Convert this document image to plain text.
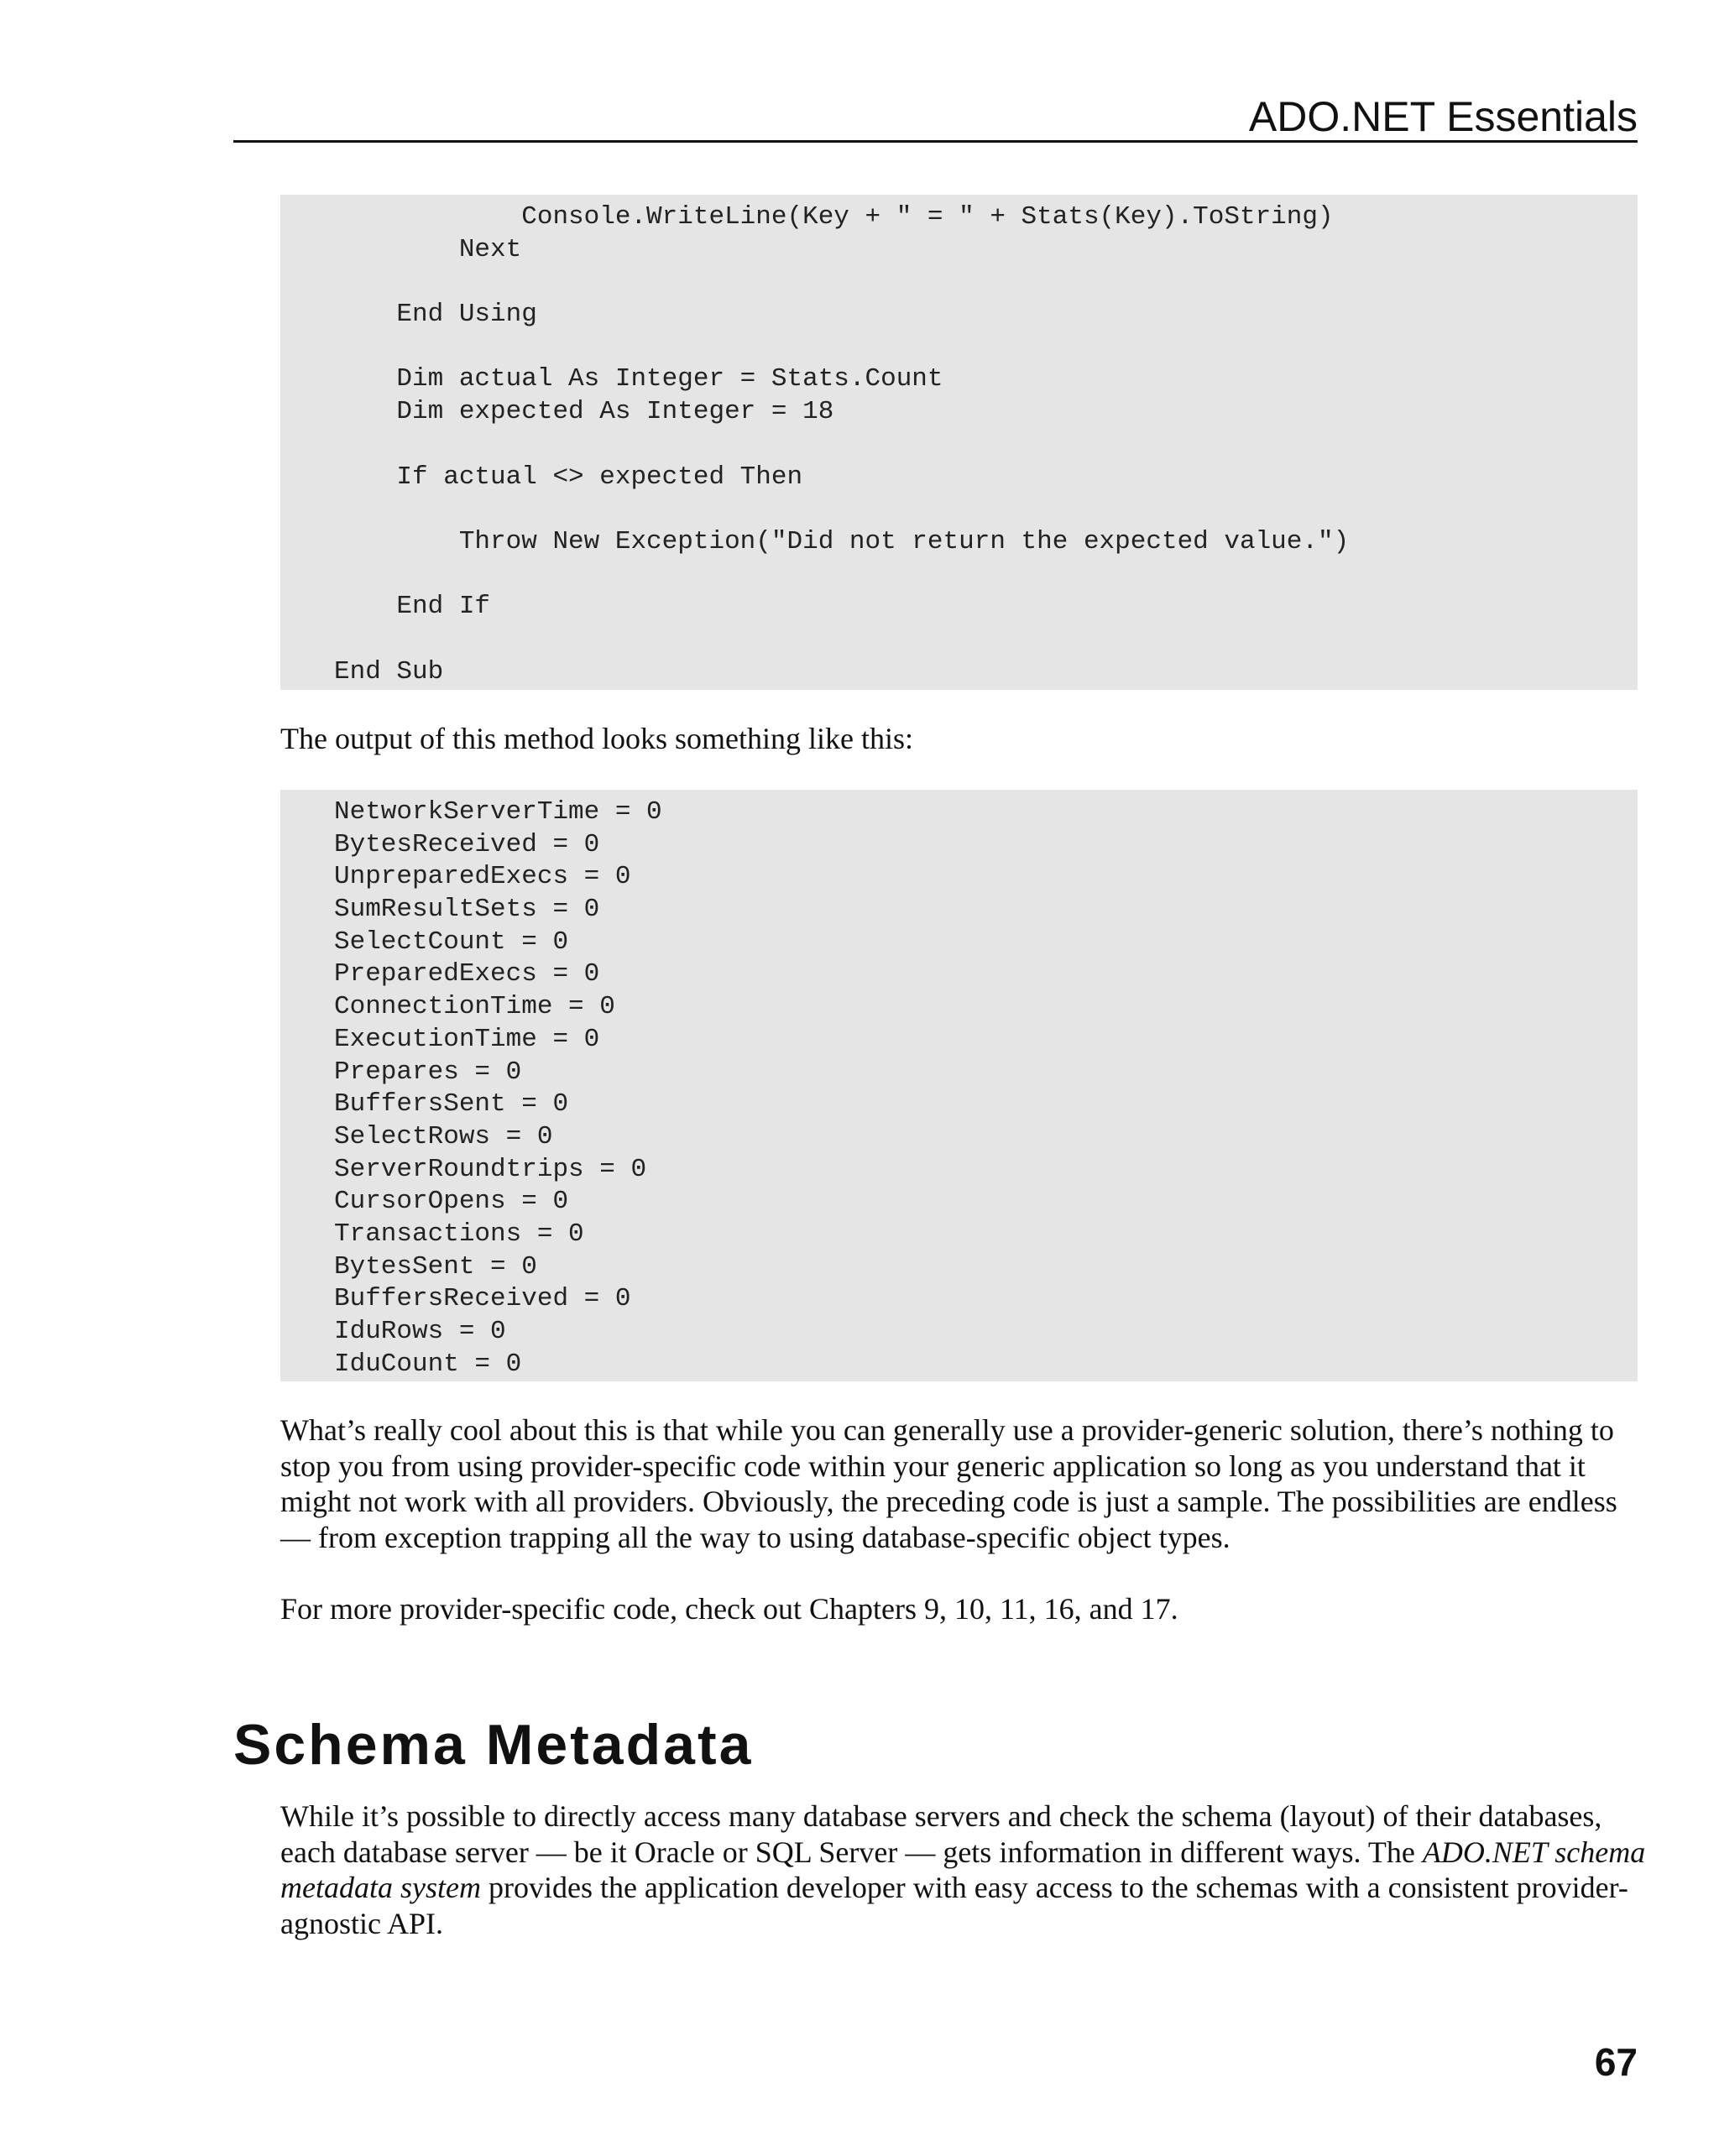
ADO.NET Essentials
Console.WriteLine(Key + " = " + Stats(Key).ToString)
Next
End Using
Dim actual As Integer = Stats.Count
Dim expected As Integer = 18
If actual <> expected Then
Throw New Exception("Did not return the expected value.")
End If
End Sub
The output of this method looks something like this:
NetworkServerTime = 0
BytesReceived = 0
UnpreparedExecs = 0
SumResultSets = 0
SelectCount = 0
PreparedExecs = 0
ConnectionTime = 0
ExecutionTime = 0
Prepares = 0
BuffersSent = 0
SelectRows = 0
ServerRoundtrips = 0
CursorOpens = 0
Transactions = 0
BytesSent = 0
BuffersReceived = 0
IduRows = 0
IduCount = 0
What’s really cool about this is that while you can generally use a provider-generic solution, there’s nothing to stop you from using provider-specific code within your generic application so long as you understand that it might not work with all providers. Obviously, the preceding code is just a sample. The possibilities are endless — from exception trapping all the way to using database-specific object types.
For more provider-specific code, check out Chapters 9, 10, 11, 16, and 17.
Schema Metadata
While it’s possible to directly access many database servers and check the schema (layout) of their databases, each database server — be it Oracle or SQL Server — gets information in different ways. The ADO.NET schema metadata system provides the application developer with easy access to the schemas with a consistent provider-agnostic API.
67
